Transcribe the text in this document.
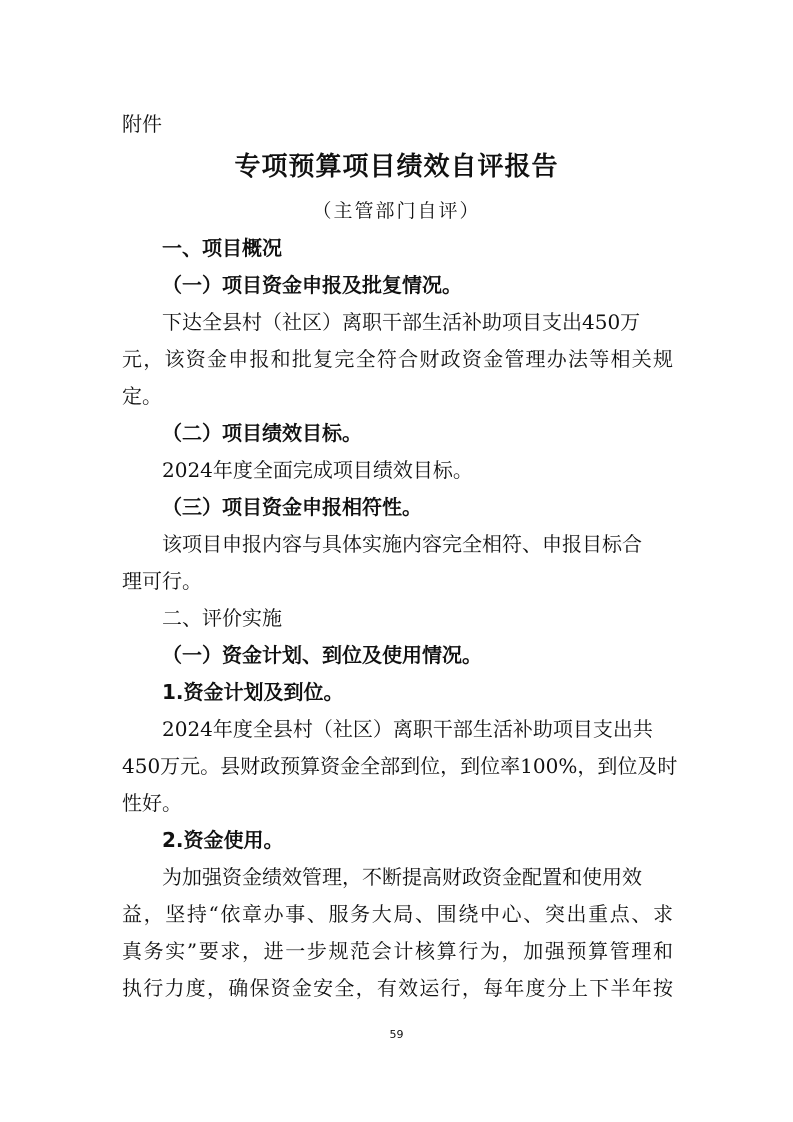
附件
专项预算项目绩效自评报告
（主管部门自评）
一、项目概况
（一）项目资金申报及批复情况。
下达全县村（社区）离职干部生活补助项目支出450万
元，该资金申报和批复完全符合财政资金管理办法等相关规
定。
（二）项目绩效目标。
2024年度全面完成项目绩效目标。
（三）项目资金申报相符性。
该项目申报内容与具体实施内容完全相符、申报目标合
理可行。
二、评价实施
（一）资金计划、到位及使用情况。
1.资金计划及到位。
2024年度全县村（社区）离职干部生活补助项目支出共
450万元。县财政预算资金全部到位，到位率100%，到位及时
性好。
2.资金使用。
为加强资金绩效管理，不断提高财政资金配置和使用效
益，坚持“依章办事、服务大局、围绕中心、突出重点、求
真务实”要求，进一步规范会计核算行为，加强预算管理和
执行力度，确保资金安全，有效运行，每年度分上下半年按
59
